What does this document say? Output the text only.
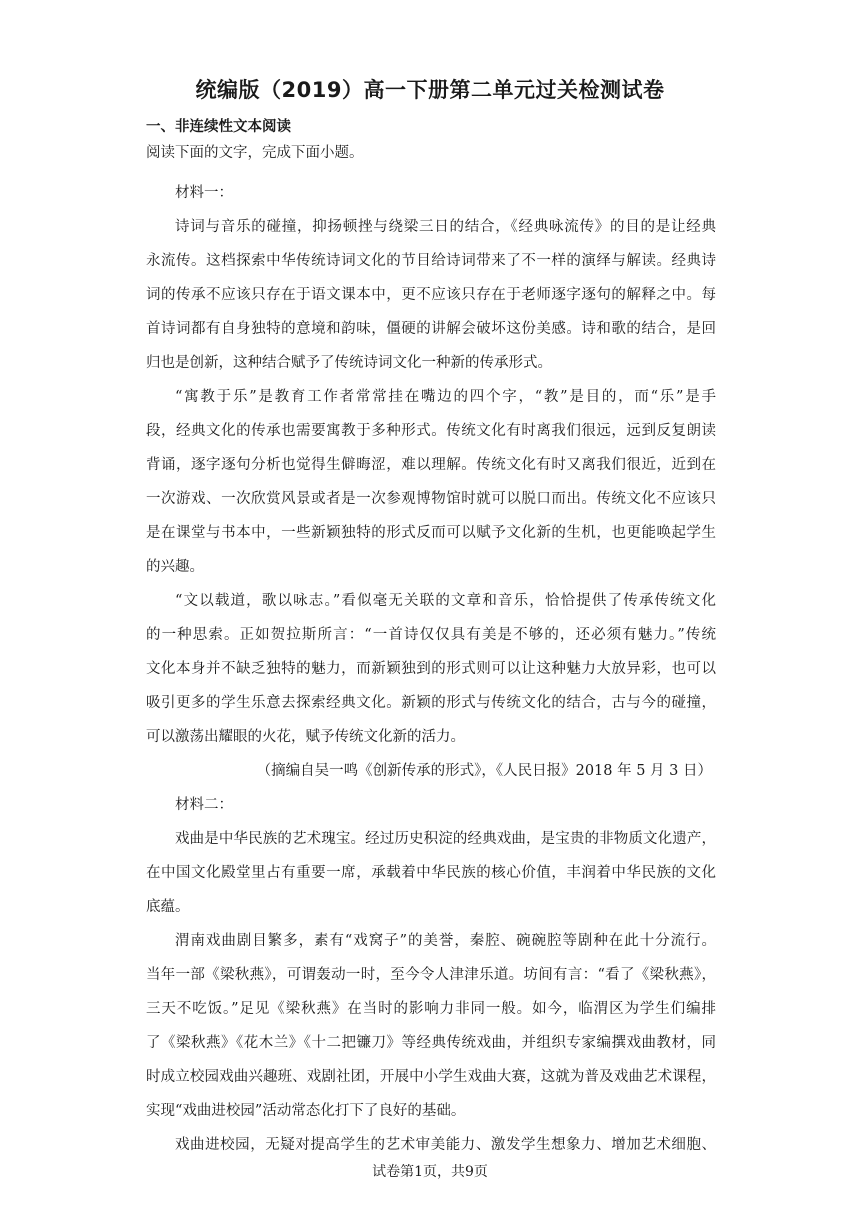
统编版（2019）高一下册第二单元过关检测试卷
一、非连续性文本阅读
阅读下面的文字，完成下面小题。
材料一：
诗词与音乐的碰撞，抑扬顿挫与绕梁三日的结合，《经典咏流传》的目的是让经典
永流传。这档探索中华传统诗词文化的节目给诗词带来了不一样的演绎与解读。经典诗
词的传承不应该只存在于语文课本中，更不应该只存在于老师逐字逐句的解释之中。每
首诗词都有自身独特的意境和韵味，僵硬的讲解会破坏这份美感。诗和歌的结合，是回
归也是创新，这种结合赋予了传统诗词文化一种新的传承形式。
“寓教于乐”是教育工作者常常挂在嘴边的四个字，“教”是目的，而“乐”是手
段，经典文化的传承也需要寓教于多种形式。传统文化有时离我们很远，远到反复朗读
背诵，逐字逐句分析也觉得生僻晦涩，难以理解。传统文化有时又离我们很近，近到在
一次游戏、一次欣赏风景或者是一次参观博物馆时就可以脱口而出。传统文化不应该只
是在课堂与书本中，一些新颖独特的形式反而可以赋予文化新的生机，也更能唤起学生
的兴趣。
“文以载道，歌以咏志。”看似毫无关联的文章和音乐，恰恰提供了传承传统文化
的一种思索。正如贺拉斯所言：“一首诗仅仅具有美是不够的，还必须有魅力。”传统
文化本身并不缺乏独特的魅力，而新颖独到的形式则可以让这种魅力大放异彩，也可以
吸引更多的学生乐意去探索经典文化。新颖的形式与传统文化的结合，古与今的碰撞，
可以激荡出耀眼的火花，赋予传统文化新的活力。
（摘编自吴一鸣《创新传承的形式》，《人民日报》2018 年 5 月 3 日）
材料二：
戏曲是中华民族的艺术瑰宝。经过历史积淀的经典戏曲，是宝贵的非物质文化遗产，
在中国文化殿堂里占有重要一席，承载着中华民族的核心价值，丰润着中华民族的文化
底蕴。
渭南戏曲剧目繁多，素有“戏窝子”的美誉，秦腔、碗碗腔等剧种在此十分流行。
当年一部《梁秋燕》，可谓轰动一时，至今令人津津乐道。坊间有言：“看了《梁秋燕》，
三天不吃饭。”足见《梁秋燕》在当时的影响力非同一般。如今，临渭区为学生们编排
了《梁秋燕》《花木兰》《十二把镰刀》等经典传统戏曲，并组织专家编撰戏曲教材，同
时成立校园戏曲兴趣班、戏剧社团，开展中小学生戏曲大赛，这就为普及戏曲艺术课程，
实现“戏曲进校园”活动常态化打下了良好的基础。
戏曲进校园，无疑对提高学生的艺术审美能力、激发学生想象力、增加艺术细胞、
试卷第1页，共9页
